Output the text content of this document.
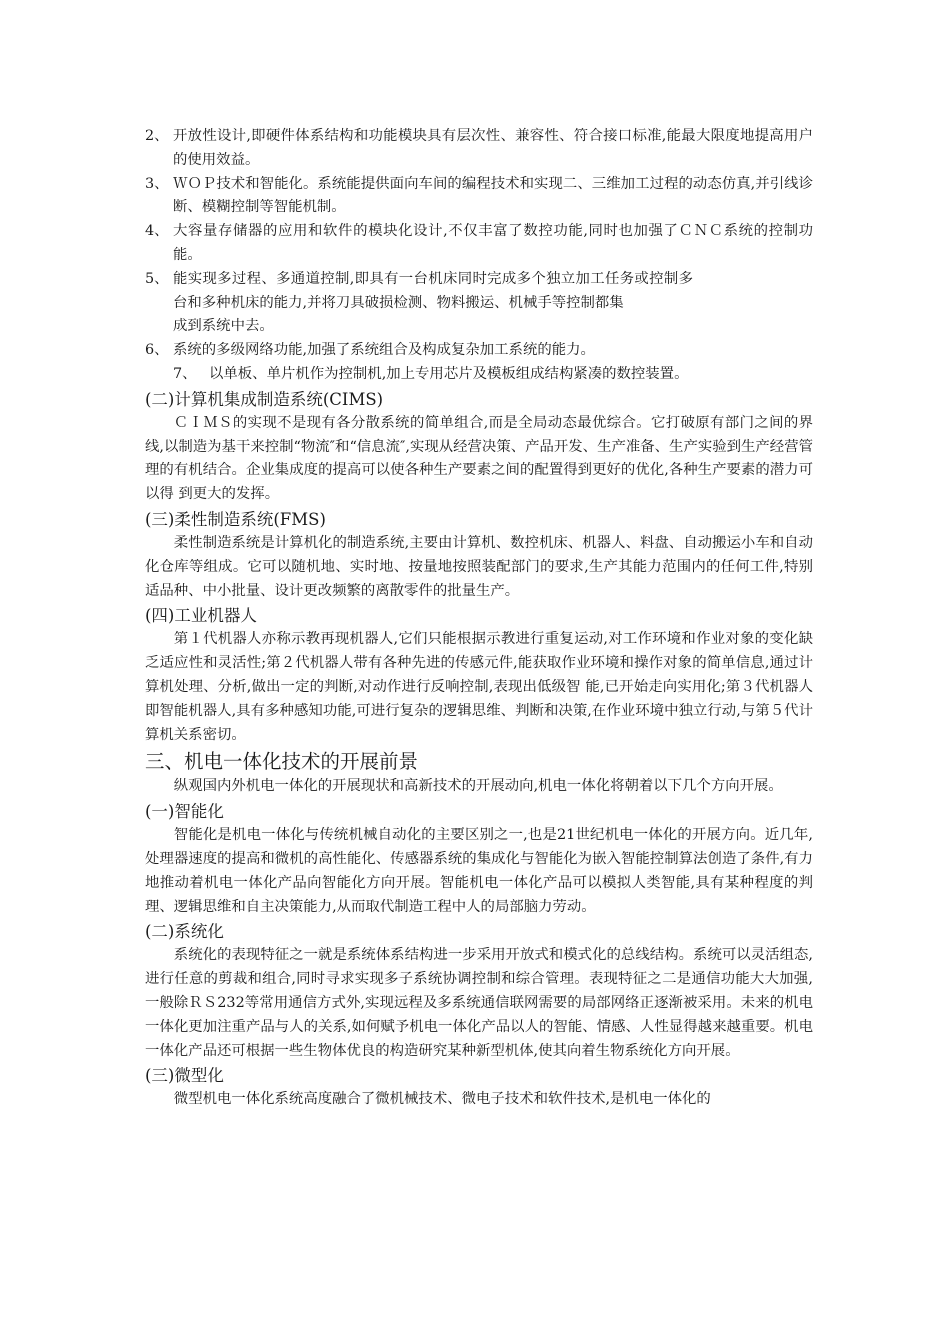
2、 开放性设计,即硬件体系结构和功能模块具有层次性、兼容性、符合接口标准,能最大限度地提高用户的使用效益。
3、 ＷＯＰ技术和智能化。系统能提供面向车间的编程技术和实现二、三维加工过程的动态仿真,并引线诊断、模糊控制等智能机制。
4、 大容量存储器的应用和软件的模块化设计,不仅丰富了数控功能,同时也加强了ＣＮＣ系统的控制功能。
5、 能实现多过程、多通道控制,即具有一台机床同时完成多个独立加工任务或控制多台和多种机床的能力,并将刀具破损检测、物料搬运、机械手等控制都集
成到系统中去。
6、 系统的多级网络功能,加强了系统组合及构成复杂加工系统的能力。
7、 以单板、单片机作为控制机,加上专用芯片及模板组成结构紧凑的数控装置。
(二)计算机集成制造系统(CIMS)

ＣＩＭＳ的实现不是现有各分散系统的简单组合,而是全局动态最优综合。它打破原有部门之间的界线,以制造为基干来控制“物流″和“信息流″,实现从经营决策、产品开发、生产准备、生产实验到生产经营管理的有机结合。企业集成度的提高可以使各种生产要素之间的配置得到更好的优化,各种生产要素的潜力可以得 到更大的发挥。

(三)柔性制造系统(FMS)

柔性制造系统是计算机化的制造系统,主要由计算机、数控机床、机器人、料盘、自动搬运小车和自动化仓库等组成。它可以随机地、实时地、按量地按照装配部门的要求,生产其能力范围内的任何工件,特别适品种、中小批量、设计更改频繁的离散零件的批量生产。

(四)工业机器人

第１代机器人亦称示教再现机器人,它们只能根据示教进行重复运动,对工作环境和作业对象的变化缺乏适应性和灵活性;第２代机器人带有各种先进的传感元件,能获取作业环境和操作对象的简单信息,通过计算机处理、分析,做出一定的判断,对动作进行反响控制,表现出低级智 能,已开始走向实用化;第３代机器人即智能机器人,具有多种感知功能,可进行复杂的逻辑思维、判断和决策,在作业环境中独立行动,与第５代计算机关系密切。

三、机电一体化技术的开展前景

纵观国内外机电一体化的开展现状和高新技术的开展动向,机电一体化将朝着以下几个方向开展。

(一)智能化

智能化是机电一体化与传统机械自动化的主要区别之一,也是21世纪机电一体化的开展方向。近几年,处理器速度的提高和微机的高性能化、传感器系统的集成化与智能化为嵌入智能控制算法创造了条件,有力地推动着机电一体化产品向智能化方向开展。智能机电一体化产品可以模拟人类智能,具有某种程度的判理、逻辑思维和自主决策能力,从而取代制造工程中人的局部脑力劳动。

(二)系统化

系统化的表现特征之一就是系统体系结构进一步采用开放式和模式化的总线结构。系统可以灵活组态,进行任意的剪裁和组合,同时寻求实现多子系统协调控制和综合管理。表现特征之二是通信功能大大加强,一般除ＲＳ232等常用通信方式外,实现远程及多系统通信联网需要的局部网络正逐渐被采用。未来的机电一体化更加注重产品与人的关系,如何赋予机电一体化产品以人的智能、情感、人性显得越来越重要。机电一体化产品还可根据一些生物体优良的构造研究某种新型机体,使其向着生物系统化方向开展。

(三)微型化

微型机电一体化系统高度融合了微机械技术、微电子技术和软件技术,是机电一体化的
